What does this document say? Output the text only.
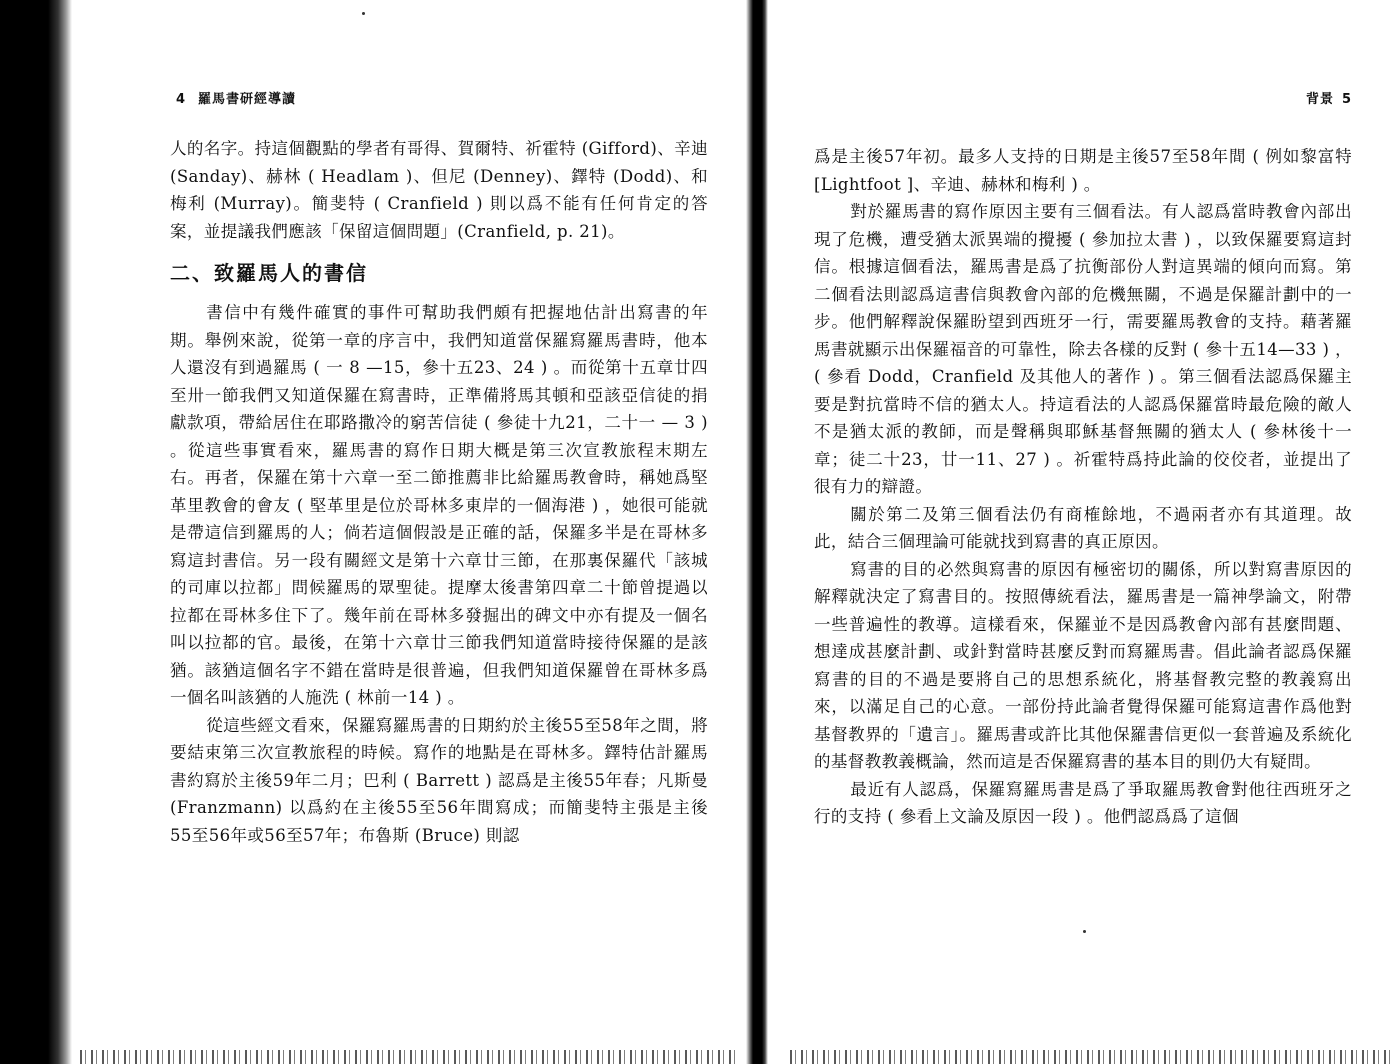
4 羅馬書研經導讀

人的名字。持這個觀點的學者有哥得、賀爾特、祈霍特 (Gifford)、辛迪 (Sanday)、赫林 ( Headlam )、但尼 (Denney)、鐸特 (Dodd)、和梅利 (Murray)。簡斐特 ( Cranfield ) 則以爲不能有任何肯定的答案，並提議我們應該「保留這個問題」(Cranfield, p. 21)。

二、致羅馬人的書信

書信中有幾件確實的事件可幫助我們頗有把握地估計出寫書的年期。舉例來說，從第一章的序言中，我們知道當保羅寫羅馬書時，他本人還沒有到過羅馬 ( 一 8 —15，參十五23、24 ) 。而從第十五章廿四至卅一節我們又知道保羅在寫書時，正準備將馬其頓和亞該亞信徒的捐獻款項，帶給居住在耶路撒冷的窮苦信徒 ( 參徒十九21，二十一 — 3 ) 。從這些事實看來，羅馬書的寫作日期大概是第三次宣教旅程末期左右。再者，保羅在第十六章一至二節推薦非比給羅馬教會時，稱她爲堅革里教會的會友 ( 堅革里是位於哥林多東岸的一個海港 ) ，她很可能就是帶這信到羅馬的人；倘若這個假設是正確的話，保羅多半是在哥林多寫這封書信。另一段有關經文是第十六章廿三節，在那裏保羅代「該城的司庫以拉都」問候羅馬的眾聖徒。提摩太後書第四章二十節曾提過以拉都在哥林多住下了。幾年前在哥林多發掘出的碑文中亦有提及一個名叫以拉都的官。最後，在第十六章廿三節我們知道當時接待保羅的是該猶。該猶這個名字不錯在當時是很普遍，但我們知道保羅曾在哥林多爲一個名叫該猶的人施洗 ( 林前一14 ) 。

從這些經文看來，保羅寫羅馬書的日期約於主後55至58年之間，將要結束第三次宣教旅程的時候。寫作的地點是在哥林多。鐸特估計羅馬書約寫於主後59年二月；巴利 ( Barrett ) 認爲是主後55年春；凡斯曼 (Franzmann) 以爲約在主後55至56年間寫成；而簡斐特主張是主後55至56年或56至57年；布魯斯 (Bruce) 則認

背景 5

爲是主後57年初。最多人支持的日期是主後57至58年間 ( 例如黎富特 [Lightfoot ]、辛迪、赫林和梅利 ) 。

對於羅馬書的寫作原因主要有三個看法。有人認爲當時教會內部出現了危機，遭受猶太派異端的攪擾 ( 參加拉太書 ) ，以致保羅要寫這封信。根據這個看法，羅馬書是爲了抗衡部份人對這異端的傾向而寫。第二個看法則認爲這書信與教會內部的危機無關，不過是保羅計劃中的一步。他們解釋說保羅盼望到西班牙一行，需要羅馬教會的支持。藉著羅馬書就顯示出保羅福音的可靠性，除去各樣的反對 ( 參十五14—33 ) ，( 參看 Dodd，Cranfield 及其他人的著作 ) 。第三個看法認爲保羅主要是對抗當時不信的猶太人。持這看法的人認爲保羅當時最危險的敵人不是猶太派的教師，而是聲稱與耶穌基督無關的猶太人 ( 參林後十一章；徒二十23，廿一11、27 ) 。祈霍特爲持此論的佼佼者，並提出了很有力的辯證。

關於第二及第三個看法仍有商榷餘地，不過兩者亦有其道理。故此，結合三個理論可能就找到寫書的真正原因。

寫書的目的必然與寫書的原因有極密切的關係，所以對寫書原因的解釋就決定了寫書目的。按照傳統看法，羅馬書是一篇神學論文，附帶一些普遍性的教導。這樣看來，保羅並不是因爲教會內部有甚麼問題、想達成甚麼計劃、或針對當時甚麼反對而寫羅馬書。倡此論者認爲保羅寫書的目的不過是要將自己的思想系統化，將基督教完整的教義寫出來，以滿足自己的心意。一部份持此論者覺得保羅可能寫這書作爲他對基督教界的「遺言」。羅馬書或許比其他保羅書信更似一套普遍及系統化的基督教教義概論，然而這是否保羅寫書的基本目的則仍大有疑問。

最近有人認爲，保羅寫羅馬書是爲了爭取羅馬教會對他往西班牙之行的支持 ( 參看上文論及原因一段 ) 。他們認爲爲了這個
